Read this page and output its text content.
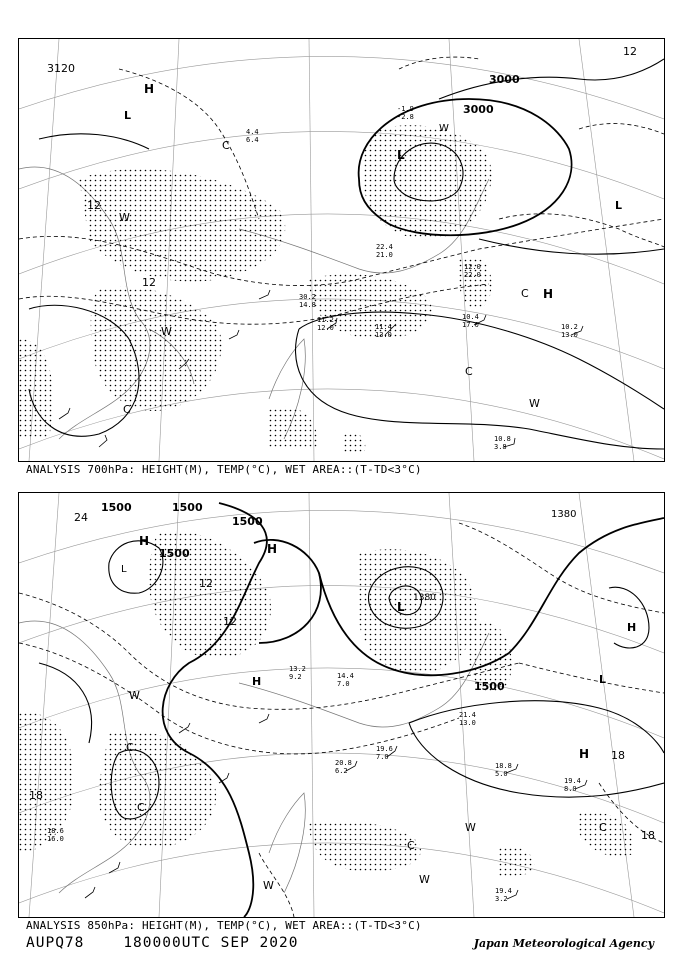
3120
3000
3000
H
L
L
W
C
L
C H
W
C	W
C
W
12
12
12
10.4 17.0	10.2 13.0
11.4 13.0
11.2 12.0
10.8 3.8
30.2 14.8
22.4 21.0
12.0 22.0
4.4 6.4
-1.9 -2.8
ANALYSIS 700hPa: HEIGHT(M), TEMP(°C), WET AREA::(T-TD<3°C)
1500	1500
1500
1500
1500
1380
1380
H
L
H
L
H
H
L
W
C
W
C
W
H
C
W
C
18
18
18
24
12
12
18.8 5.0
19.4 8.0
19.6 7.0
19.4 3.2
20.8 6.2
21.4 13.0
14.4 7.0
13.2 9.2
18.6 16.0
ANALYSIS 850hPa: HEIGHT(M), TEMP(°C), WET AREA::(T-TD<3°C)
AUPQ78	180000UTC SEP 2020	Japan Meteorological Agency
